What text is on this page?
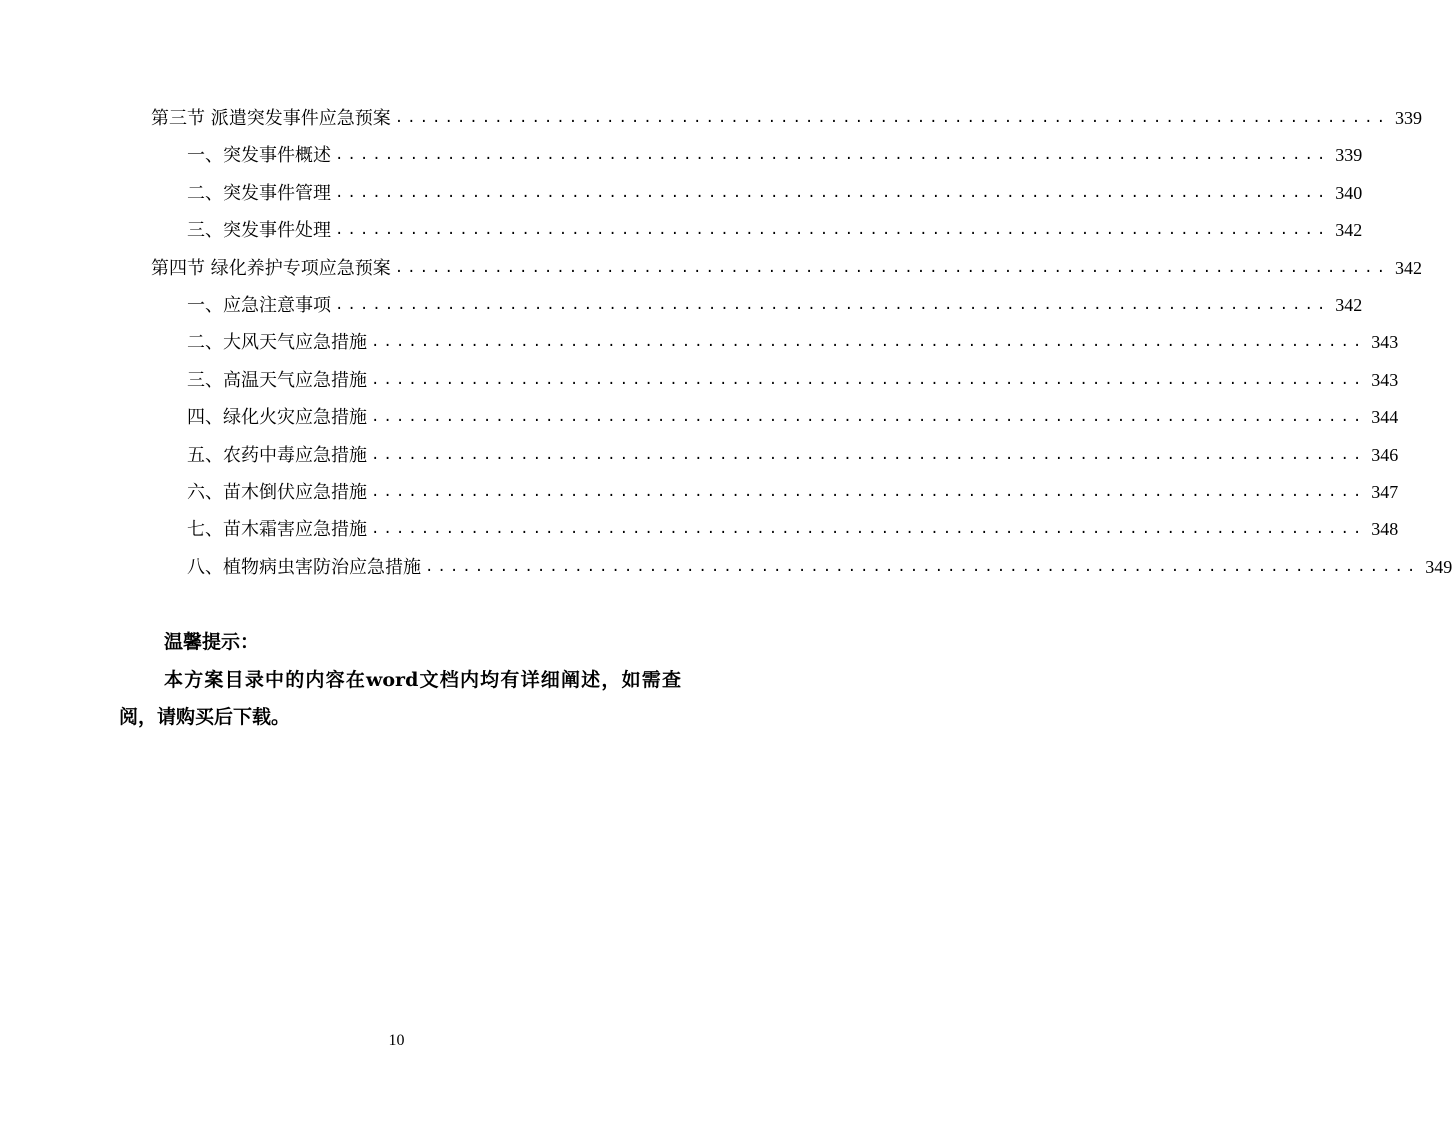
第三节 派遣突发事件应急预案 ................................................................................ 339
一、突发事件概述 ................................................................................ 339
二、突发事件管理 ................................................................................ 340
三、突发事件处理 ................................................................................ 342
第四节 绿化养护专项应急预案 ................................................................................ 342
一、应急注意事项 ................................................................................ 342
二、大风天气应急措施 ................................................................................ 343
三、高温天气应急措施 ................................................................................ 343
四、绿化火灾应急措施 ................................................................................ 344
五、农药中毒应急措施 ................................................................................ 346
六、苗木倒伏应急措施 ................................................................................ 347
七、苗木霜害应急措施 ................................................................................ 348
八、植物病虫害防治应急措施 ................................................................................ 349
温馨提示：
本方案目录中的内容在word文档内均有详细阐述，如需查阅，请购买后下载。
10
